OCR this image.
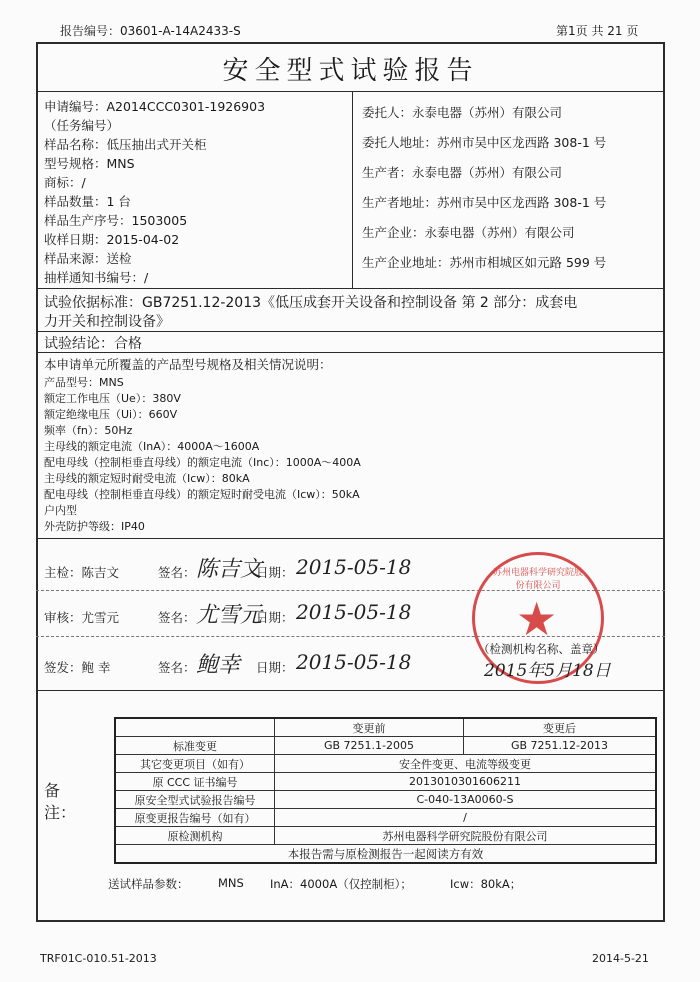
报告编号：03601-A-14A2433-S	第1页 共 21 页
安全型式试验报告
申请编号：A2014CCC0301-1926903
（任务编号）
样品名称：低压抽出式开关柜
型号规格：MNS
商标：/
样品数量：1 台
样品生产序号：1503005
收样日期：2015-04-02
样品来源：送检
抽样通知书编号：/
委托人：永泰电器（苏州）有限公司
委托人地址：苏州市吴中区龙西路 308-1 号
生产者：永泰电器（苏州）有限公司
生产者地址：苏州市吴中区龙西路 308-1 号
生产企业：永泰电器（苏州）有限公司
生产企业地址：苏州市相城区如元路 599 号
试验依据标准：GB7251.12-2013《低压成套开关设备和控制设备 第 2 部分：成套电
力开关和控制设备》
试验结论：合格
本申请单元所覆盖的产品型号规格及相关情况说明：
产品型号：MNS
额定工作电压（Ue）：380V
额定绝缘电压（Ui）：660V
频率（fn）：50Hz
主母线的额定电流（InA）：4000A～1600A
配电母线（控制柜垂直母线）的额定电流（Inc）：1000A～400A
主母线的额定短时耐受电流（Icw）：80kA
配电母线（控制柜垂直母线）的额定短时耐受电流（Icw）：50kA
户内型
外壳防护等级：IP40
主检：陈吉文	签名： 陈吉文
日期： 2015-05-18
审核：尤雪元	签名： 尤雪元
日期： 2015-05-18
签发：鲍 幸	签名： 鲍幸 日期： 2015-05-18
苏州电器科学研究院股份有限公司
★
（检测机构名称、盖章）
2015年5月18日
备注：
	变更前	变更后
标准变更	GB 7251.1-2005	GB 7251.12-2013
其它变更项目（如有）	安全件变更、电流等级变更	
原 CCC 证书编号	2013010301606211	
原安全型式试验报告编号	C-040-13A0060-S	
原变更报告编号（如有）	/	
原检测机构	苏州电器科学研究院股份有限公司	
本报告需与原检测报告一起阅读方有效		
送试样品参数：	MNS InA：4000A（仅控制柜）；	Icw：80kA；
TRF01C-010.51-2013	2014-5-21
